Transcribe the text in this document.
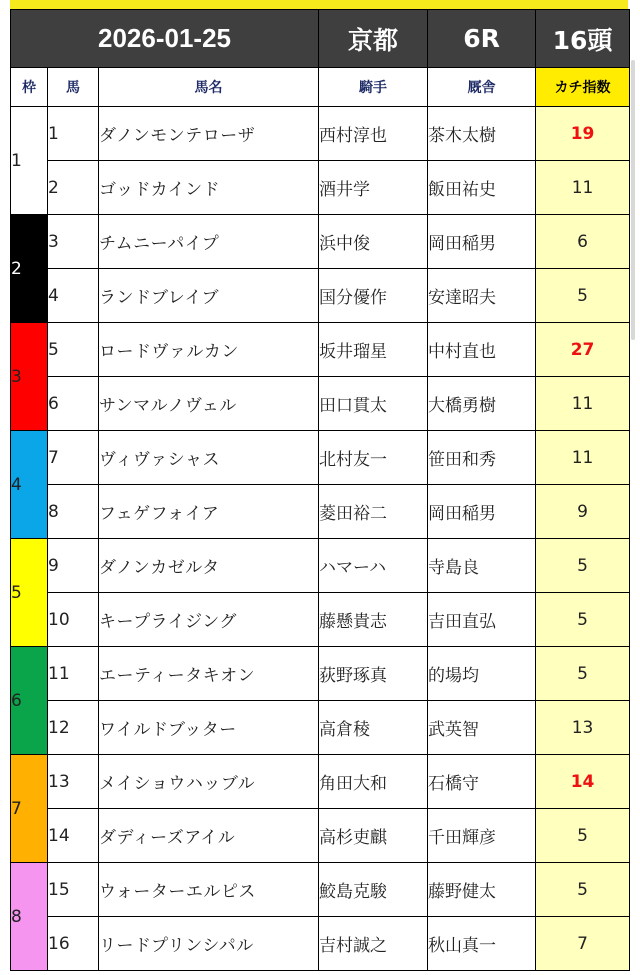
2026-01-25			京都	6R	16頭
枠	馬	馬名	騎手	厩舎	カチ指数
1	1	ダノンモンテローザ	西村淳也	茶木太樹	19
	2	ゴッドカインド	酒井学	飯田祐史	11
2	3	チムニーパイプ	浜中俊	岡田稲男	6
	4	ランドブレイブ	国分優作	安達昭夫	5
3	5	ロードヴァルカン	坂井瑠星	中村直也	27
	6	サンマルノヴェル	田口貫太	大橋勇樹	11
4	7	ヴィヴァシャス	北村友一	笹田和秀	11
	8	フェゲフォイア	菱田裕二	岡田稲男	9
5	9	ダノンカゼルタ	ハマーハ	寺島良	5
	10	キープライジング	藤懸貴志	吉田直弘	5
6	11	エーティータキオン	荻野琢真	的場均	5
	12	ワイルドブッター	高倉稜	武英智	13
7	13	メイショウハッブル	角田大和	石橋守	14
	14	ダディーズアイル	高杉吏麒	千田輝彦	5
8	15	ウォーターエルピス	鮫島克駿	藤野健太	5
	16	リードプリンシパル	吉村誠之	秋山真一	7
